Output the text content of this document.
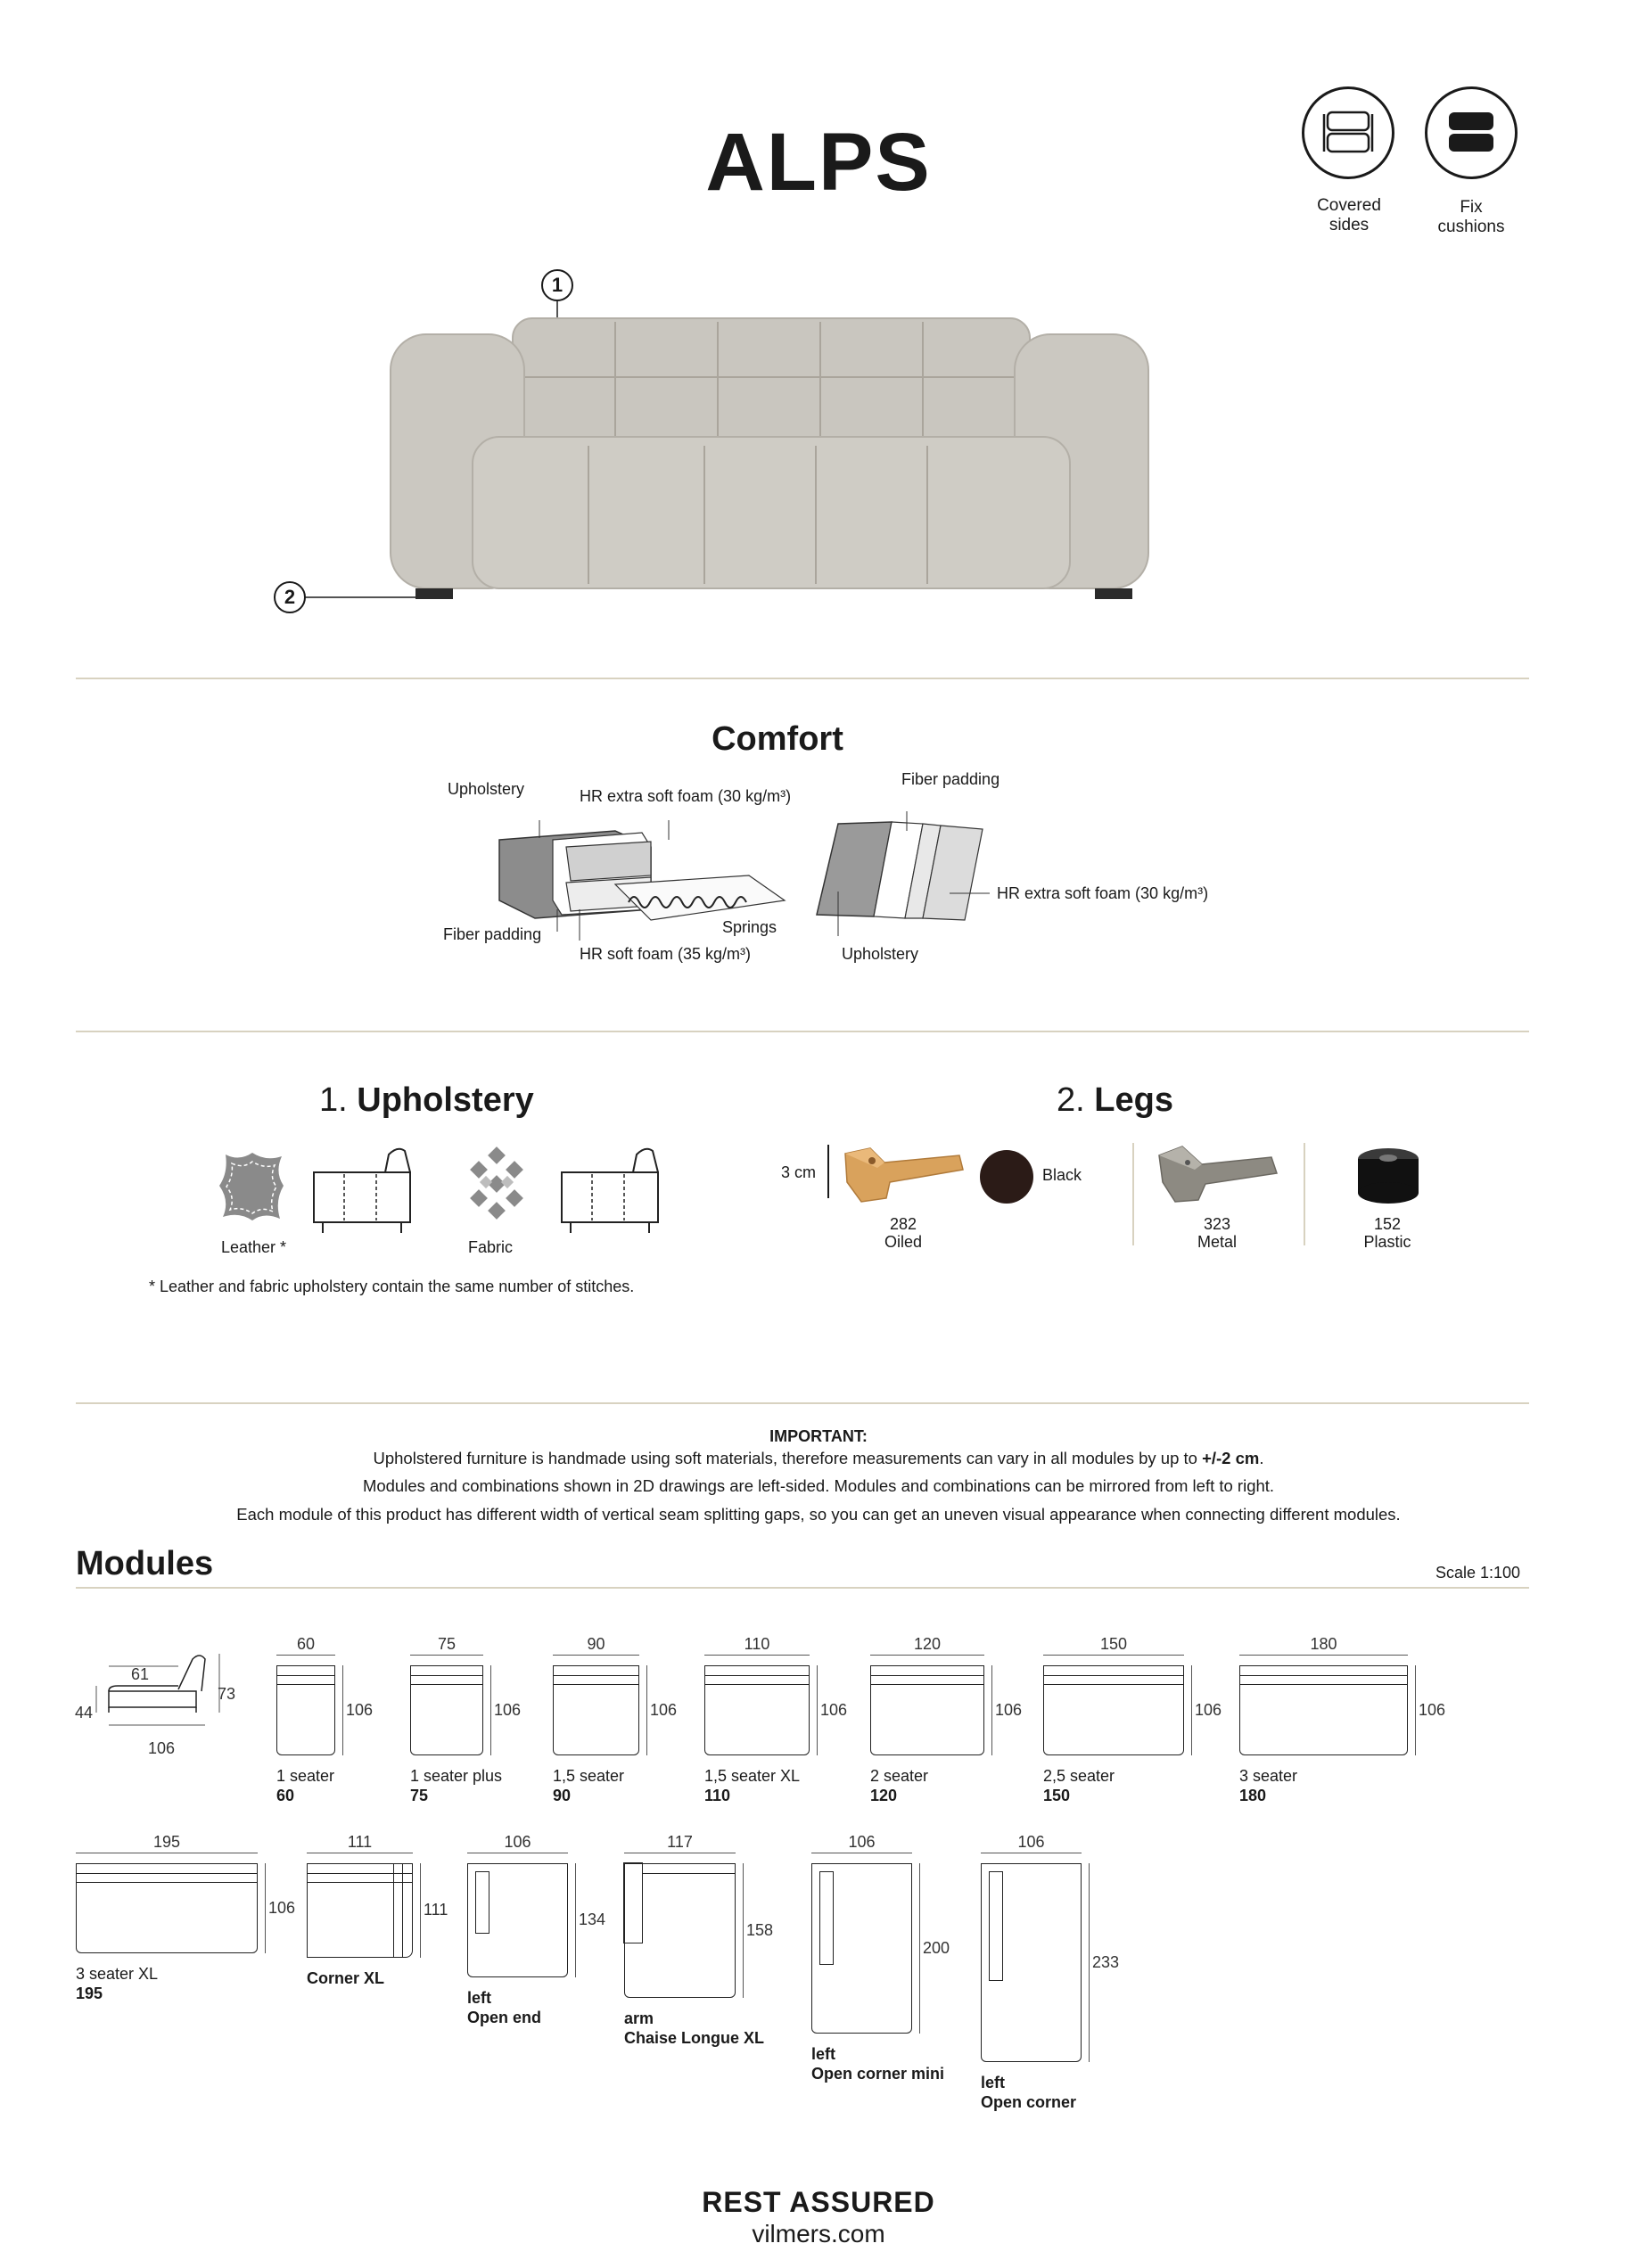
ALPS	Covered
sides
Fix
cushions
1
2
Comfort
Upholstery	HR extra soft foam (30 kg/m³)
Fiber padding	Springs
HR soft foam (35 kg/m³)
Fiber padding
HR extra soft foam (30 kg/m³)
Upholstery
1. Upholstery
Leather *	Fabric
* Leather and fabric upholstery contain the same number of stitches.
2. Legs
3 cm
282
Oiled
Black
323
Metal
152
Plastic
IMPORTANT:
Upholstered furniture is handmade using soft materials, therefore measurements can vary in all modules by up to +/-2 cm.
Modules and combinations shown in 2D drawings are left-sided. Modules and combinations can be mirrored from left to right.
Each module of this product has different width of vertical seam splitting gaps, so you can get an uneven visual appearance when connecting different modules.
Modules	Scale 1:100
61
73
44
106
60
106
1 seater
60
75
106
1 seater plus
75
90
106
1,5 seater
90
110
106
1,5 seater XL
110
120
106
2 seater
120
150
106
2,5 seater
150
180
106
3 seater
180
195
106
3 seater XL
195
111
111
Corner XL
106
134
left
Open end
117
158
arm
Chaise Longue XL
106
200
left
Open corner mini
106
233
left
Open corner
REST ASSURED
vilmers.com
